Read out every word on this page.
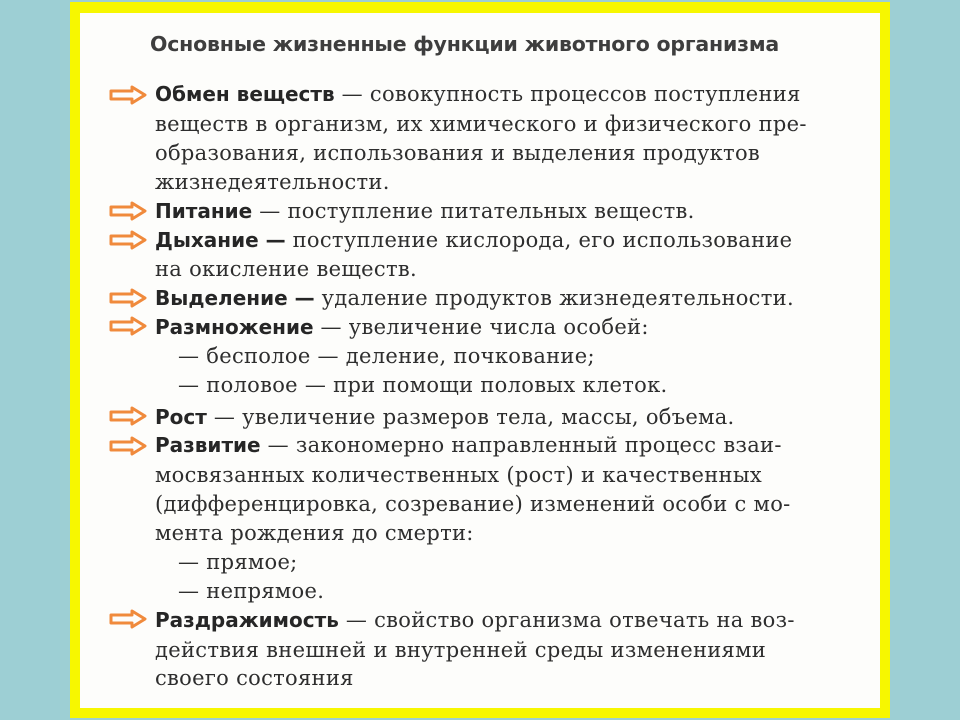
Основные жизненные функции животного организма
Обмен веществ — совокупность процессов поступления
веществ в организм, их химического и физического пре-
образования, использования и выделения продуктов
жизнедеятельности.
Питание — поступление питательных веществ.
Дыхание — поступление кислорода, его использование
на окисление веществ.
Выделение — удаление продуктов жизнедеятельности.
Размножение — увеличение числа особей:
— бесполое — деление, почкование;
— половое — при помощи половых клеток.
Рост — увеличение размеров тела, массы, объема.
Развитие — закономерно направленный процесс взаи-
мосвязанных количественных (рост) и качественных
(дифференцировка, созревание) изменений особи с мо-
мента рождения до смерти:
— прямое;
— непрямое.
Раздражимость — свойство организма отвечать на воз-
действия внешней и внутренней среды изменениями
своего состояния
